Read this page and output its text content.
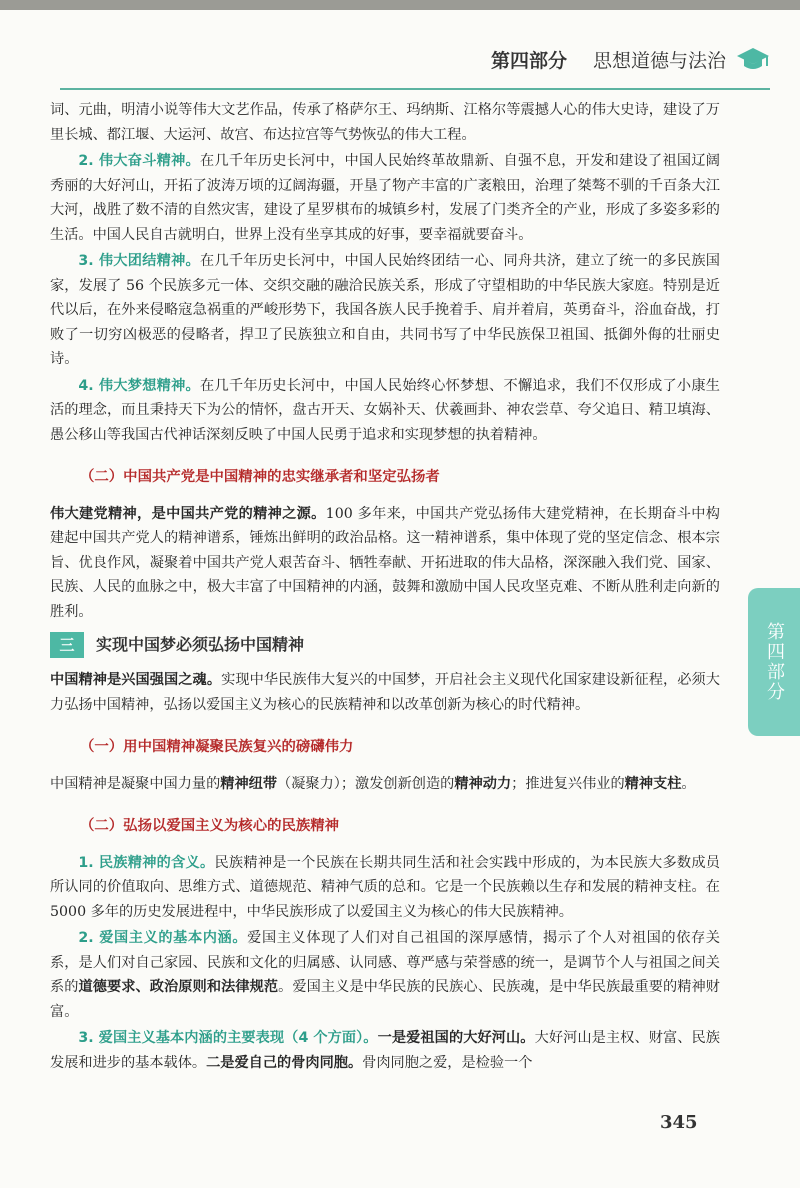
第四部分 思想道德与法治
第四部分

词、元曲，明清小说等伟大文艺作品，传承了格萨尔王、玛纳斯、江格尔等震撼人心的伟大史诗，建设了万里长城、都江堰、大运河、故宫、布达拉宫等气势恢弘的伟大工程。

2. 伟大奋斗精神。在几千年历史长河中，中国人民始终革故鼎新、自强不息，开发和建设了祖国辽阔秀丽的大好河山，开拓了波涛万顷的辽阔海疆，开垦了物产丰富的广袤粮田，治理了桀骜不驯的千百条大江大河，战胜了数不清的自然灾害，建设了星罗棋布的城镇乡村，发展了门类齐全的产业，形成了多姿多彩的生活。中国人民自古就明白，世界上没有坐享其成的好事，要幸福就要奋斗。

3. 伟大团结精神。在几千年历史长河中，中国人民始终团结一心、同舟共济，建立了统一的多民族国家，发展了 56 个民族多元一体、交织交融的融洽民族关系，形成了守望相助的中华民族大家庭。特别是近代以后，在外来侵略寇急祸重的严峻形势下，我国各族人民手挽着手、肩并着肩，英勇奋斗，浴血奋战，打败了一切穷凶极恶的侵略者，捍卫了民族独立和自由，共同书写了中华民族保卫祖国、抵御外侮的壮丽史诗。

4. 伟大梦想精神。在几千年历史长河中，中国人民始终心怀梦想、不懈追求，我们不仅形成了小康生活的理念，而且秉持天下为公的情怀，盘古开天、女娲补天、伏羲画卦、神农尝草、夸父追日、精卫填海、愚公移山等我国古代神话深刻反映了中国人民勇于追求和实现梦想的执着精神。

（二）中国共产党是中国精神的忠实继承者和坚定弘扬者

伟大建党精神，是中国共产党的精神之源。100 多年来，中国共产党弘扬伟大建党精神，在长期奋斗中构建起中国共产党人的精神谱系，锤炼出鲜明的政治品格。这一精神谱系，集中体现了党的坚定信念、根本宗旨、优良作风，凝聚着中国共产党人艰苦奋斗、牺牲奉献、开拓进取的伟大品格，深深融入我们党、国家、民族、人民的血脉之中，极大丰富了中国精神的内涵，鼓舞和激励中国人民攻坚克难、不断从胜利走向新的胜利。

三	实现中国梦必须弘扬中国精神

中国精神是兴国强国之魂。实现中华民族伟大复兴的中国梦，开启社会主义现代化国家建设新征程，必须大力弘扬中国精神，弘扬以爱国主义为核心的民族精神和以改革创新为核心的时代精神。

（一）用中国精神凝聚民族复兴的磅礴伟力

中国精神是凝聚中国力量的精神纽带（凝聚力）；激发创新创造的精神动力；推进复兴伟业的精神支柱。

（二）弘扬以爱国主义为核心的民族精神

1. 民族精神的含义。民族精神是一个民族在长期共同生活和社会实践中形成的，为本民族大多数成员所认同的价值取向、思维方式、道德规范、精神气质的总和。它是一个民族赖以生存和发展的精神支柱。在5000 多年的历史发展进程中，中华民族形成了以爱国主义为核心的伟大民族精神。

2. 爱国主义的基本内涵。爱国主义体现了人们对自己祖国的深厚感情，揭示了个人对祖国的依存关系，是人们对自己家园、民族和文化的归属感、认同感、尊严感与荣誉感的统一，是调节个人与祖国之间关系的道德要求、政治原则和法律规范。爱国主义是中华民族的民族心、民族魂，是中华民族最重要的精神财富。

3. 爱国主义基本内涵的主要表现（4 个方面）。一是爱祖国的大好河山。大好河山是主权、财富、民族发展和进步的基本载体。二是爱自己的骨肉同胞。骨肉同胞之爱，是检验一个

345
